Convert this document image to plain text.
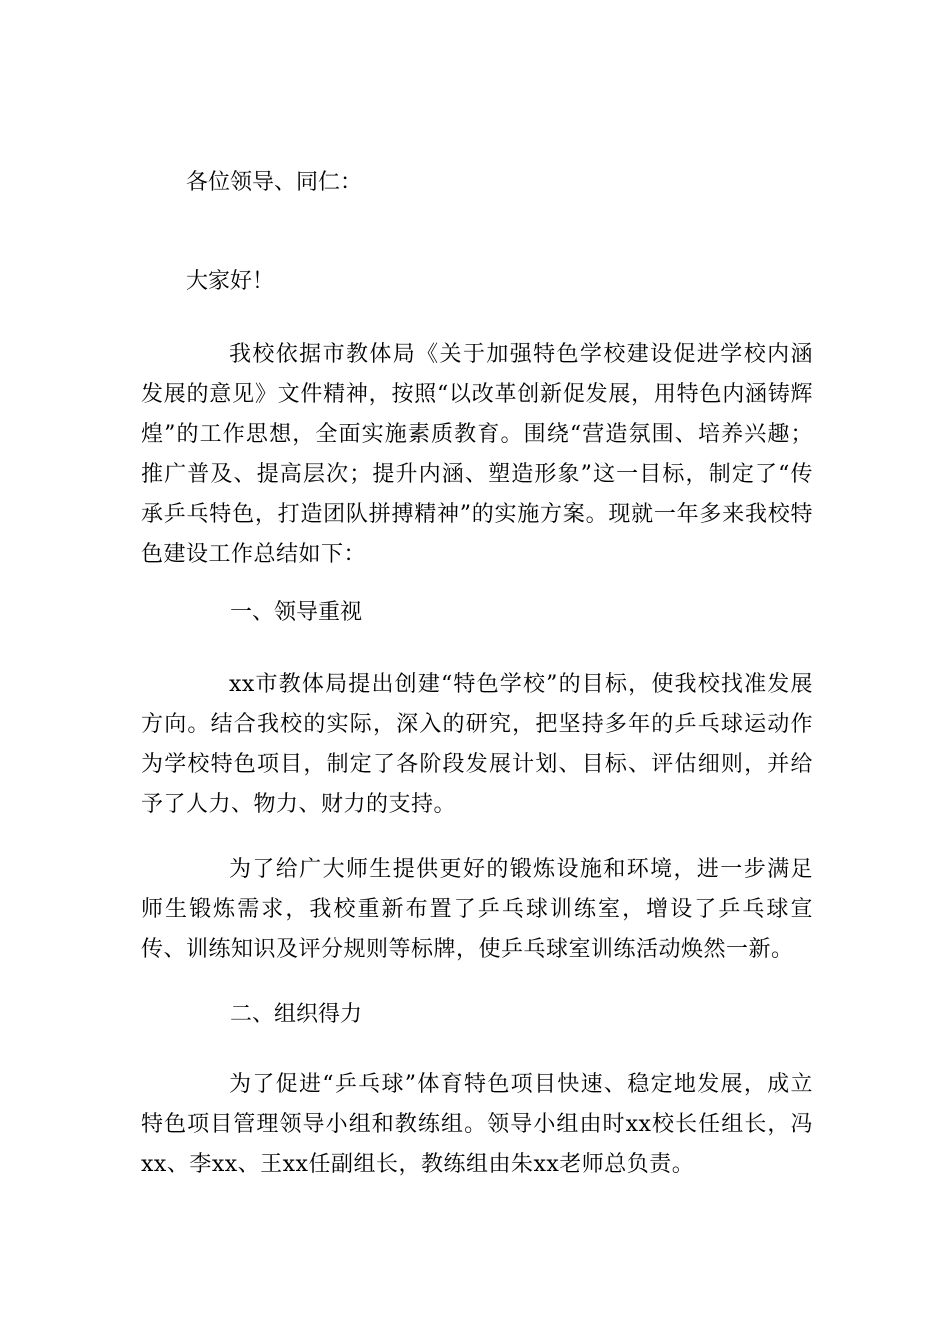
各位领导、同仁：

大家好！

我校依据市教体局《关于加强特色学校建设促进学校内涵发展的意见》文件精神，按照“以改革创新促发展，用特色内涵铸辉煌”的工作思想，全面实施素质教育。围绕“营造氛围、培养兴趣；推广普及、提高层次；提升内涵、塑造形象”这一目标，制定了“传承乒乓特色，打造团队拼搏精神”的实施方案。现就一年多来我校特色建设工作总结如下：

一、领导重视

xx市教体局提出创建“特色学校”的目标，使我校找准发展方向。结合我校的实际，深入的研究，把坚持多年的乒乓球运动作为学校特色项目，制定了各阶段发展计划、目标、评估细则，并给予了人力、物力、财力的支持。

为了给广大师生提供更好的锻炼设施和环境，进一步满足师生锻炼需求，我校重新布置了乒乓球训练室，增设了乒乓球宣传、训练知识及评分规则等标牌，使乒乓球室训练活动焕然一新。

二、组织得力

为了促进“乒乓球”体育特色项目快速、稳定地发展，成立特色项目管理领导小组和教练组。领导小组由时xx校长任组长，冯xx、李xx、王xx任副组长，教练组由朱xx老师总负责。
